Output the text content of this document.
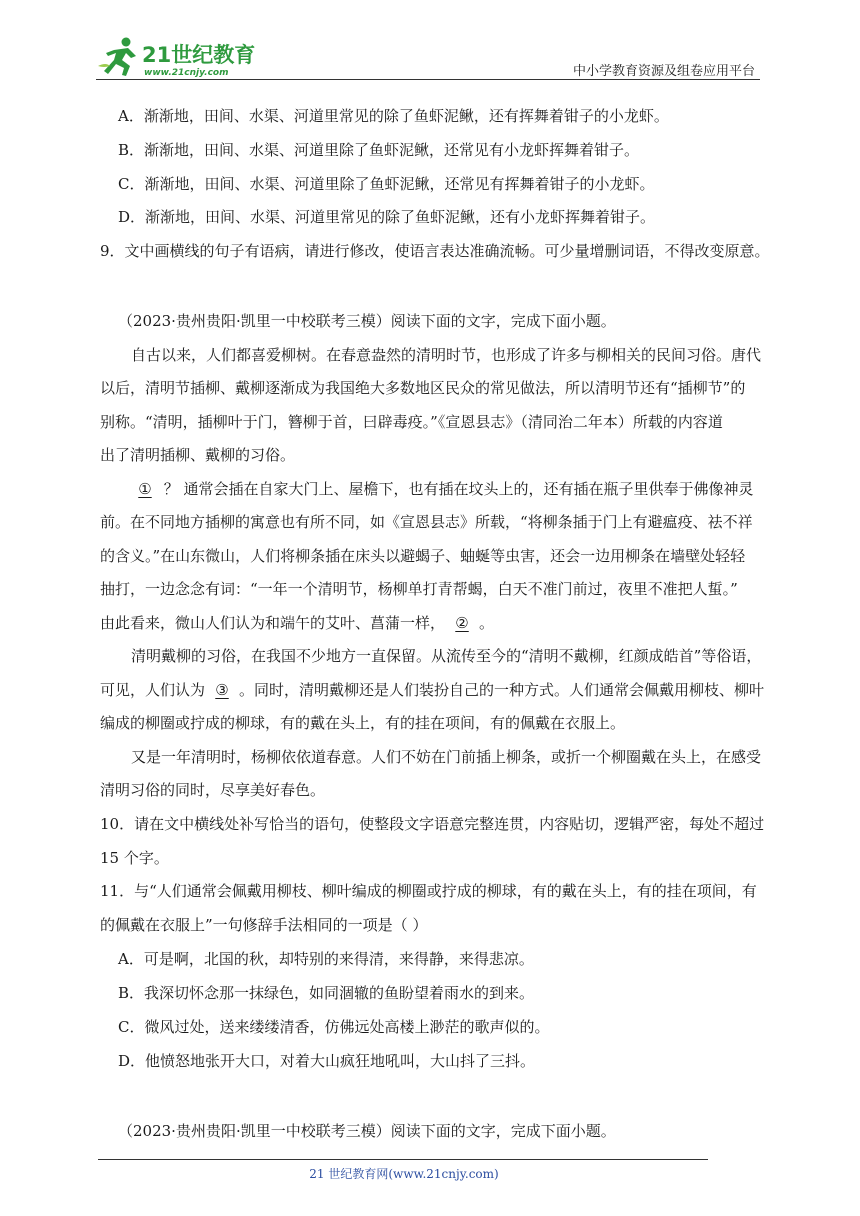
21世纪教育
www.21cnjy.com	中小学教育资源及组卷应用平台
A．渐渐地，田间、水渠、河道里常见的除了鱼虾泥鳅，还有挥舞着钳子的小龙虾。
B．渐渐地，田间、水渠、河道里除了鱼虾泥鳅，还常见有小龙虾挥舞着钳子。
C．渐渐地，田间、水渠、河道里除了鱼虾泥鳅，还常见有挥舞着钳子的小龙虾。
D．渐渐地，田间、水渠、河道里常见的除了鱼虾泥鳅，还有小龙虾挥舞着钳子。
9．文中画横线的句子有语病，请进行修改，使语言表达准确流畅。可少量增删词语，不得改变原意。
（2023·贵州贵阳·凯里一中校联考三模）阅读下面的文字，完成下面小题。
自古以来，人们都喜爱柳树。在春意盎然的清明时节，也形成了许多与柳相关的民间习俗。唐代
以后，清明节插柳、戴柳逐渐成为我国绝大多数地区民众的常见做法，所以清明节还有“插柳节”的
别称。“清明，插柳叶于门，簪柳于首，曰辟毒疫。”《宣恩县志》（清同治二年本）所载的内容道
出了清明插柳、戴柳的习俗。
① ？ 通常会插在自家大门上、屋檐下，也有插在坟头上的，还有插在瓶子里供奉于佛像神灵
前。在不同地方插柳的寓意也有所不同，如《宣恩县志》所载，“将柳条插于门上有避瘟疫、祛不祥
的含义。”在山东微山，人们将柳条插在床头以避蝎子、蚰蜒等虫害，还会一边用柳条在墙壁处轻轻
抽打，一边念念有词：“一年一个清明节，杨柳单打青帮蝎，白天不准门前过，夜里不准把人蜇。”
由此看来，微山人们认为和端午的艾叶、菖蒲一样， ② 。
清明戴柳的习俗，在我国不少地方一直保留。从流传至今的“清明不戴柳，红颜成皓首”等俗语，
可见，人们认为 ③ 。同时，清明戴柳还是人们装扮自己的一种方式。人们通常会佩戴用柳枝、柳叶
编成的柳圈或拧成的柳球，有的戴在头上，有的挂在项间，有的佩戴在衣服上。
又是一年清明时，杨柳依依道春意。人们不妨在门前插上柳条，或折一个柳圈戴在头上，在感受
清明习俗的同时，尽享美好春色。
10．请在文中横线处补写恰当的语句，使整段文字语意完整连贯，内容贴切，逻辑严密，每处不超过
15 个字。
11．与“人们通常会佩戴用柳枝、柳叶编成的柳圈或拧成的柳球，有的戴在头上，有的挂在项间，有
的佩戴在衣服上”一句修辞手法相同的一项是（ ）
A．可是啊，北国的秋，却特别的来得清，来得静，来得悲凉。
B．我深切怀念那一抹绿色，如同涸辙的鱼盼望着雨水的到来。
C．微风过处，送来缕缕清香，仿佛远处高楼上渺茫的歌声似的。
D．他愤怒地张开大口，对着大山疯狂地吼叫，大山抖了三抖。
（2023·贵州贵阳·凯里一中校联考三模）阅读下面的文字，完成下面小题。
21 世纪教育网(www.21cnjy.com)
